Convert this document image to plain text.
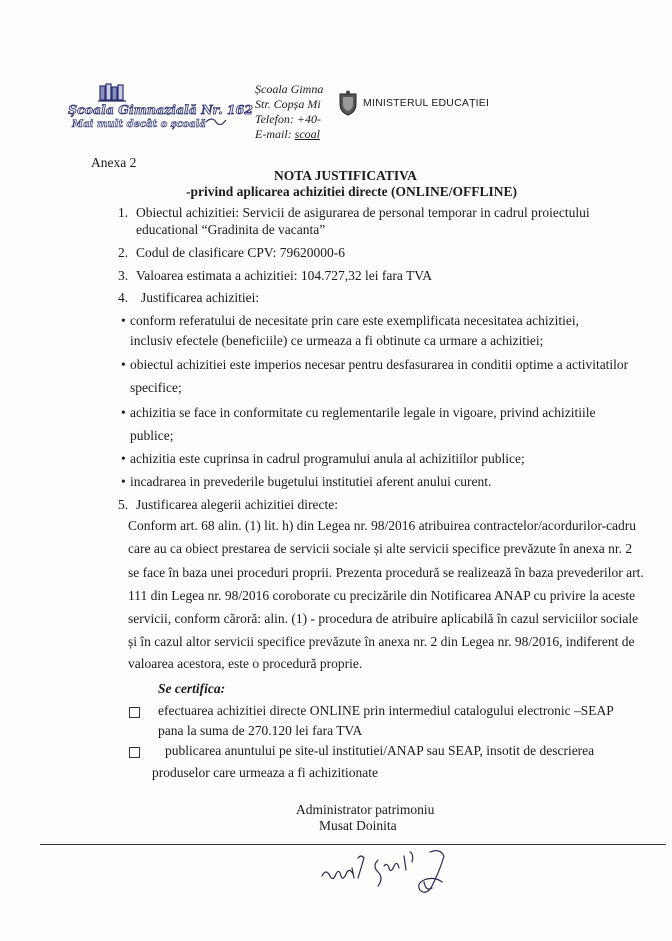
Școala Gimnazială Nr. 162
Mai mult decât o școală
Școala Gimna
Str. Copșa Mi
Telefon: +40-
E-mail: scoal
MINISTERUL EDUCAȚIEI
Anexa 2
NOTA JUSTIFICATIVA
-privind aplicarea achizitiei directe (ONLINE/OFFLINE)
1. Obiectul achizitiei: Servicii de asigurarea de personal temporar in cadrul proiectului
educational “Gradinita de vacanta”
2. Codul de clasificare CPV: 79620000-6
3. Valoarea estimata a achizitiei: 104.727,32 lei fara TVA
4. Justificarea achizitiei:
• conform referatului de necesitate prin care este exemplificata necesitatea achizitiei,
inclusiv efectele (beneficiile) ce urmeaza a fi obtinute ca urmare a achizitiei;
• obiectul achizitiei este imperios necesar pentru desfasurarea in conditii optime a activitatilor
specifice;
• achizitia se face in conformitate cu reglementarile legale in vigoare, privind achizitiile
publice;
• achizitia este cuprinsa in cadrul programului anula al achizitiilor publice;
• incadrarea in prevederile bugetului institutiei aferent anului curent.
5. Justificarea alegerii achizitiei directe:
Conform art. 68 alin. (1) lit. h) din Legea nr. 98/2016 atribuirea contractelor/acordurilor-cadru
care au ca obiect prestarea de servicii sociale și alte servicii specifice prevăzute în anexa nr. 2
se face în baza unei proceduri proprii. Prezenta procedură se realizează în baza prevederilor art.
111 din Legea nr. 98/2016 coroborate cu precizările din Notificarea ANAP cu privire la aceste
servicii, conform căroră: alin. (1) - procedura de atribuire aplicabilă în cazul serviciilor sociale
și în cazul altor servicii specifice prevăzute în anexa nr. 2 din Legea nr. 98/2016, indiferent de
valoarea acestora, este o procedură proprie.
Se certifica:
efectuarea achizitiei directe ONLINE prin intermediul catalogului electronic –SEAP
pana la suma de 270.120 lei fara TVA
publicarea anuntului pe site-ul institutiei/ANAP sau SEAP, insotit de descrierea
produselor care urmeaza a fi achizitionate
Administrator patrimoniu
Musat Doinita
